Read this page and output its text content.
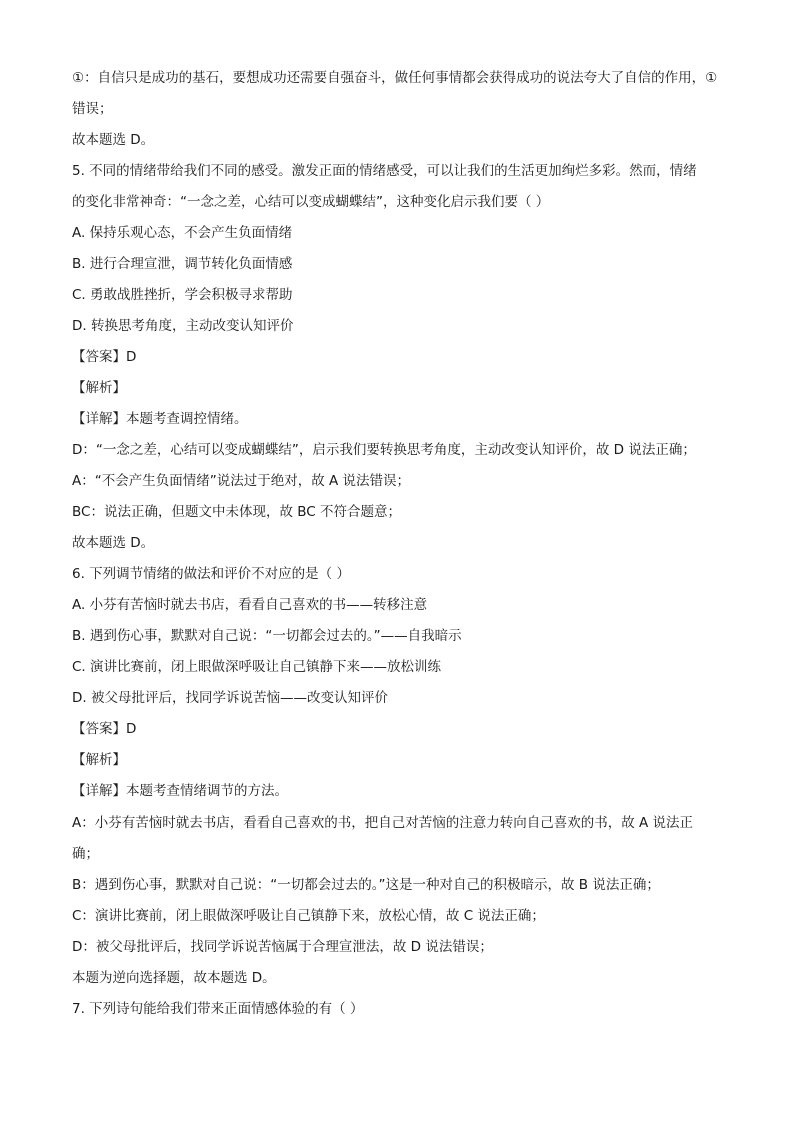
①：自信只是成功的基石，要想成功还需要自强奋斗，做任何事情都会获得成功的说法夸大了自信的作用，①
错误；
故本题选 D。
5. 不同的情绪带给我们不同的感受。激发正面的情绪感受，可以让我们的生活更加绚烂多彩。然而，情绪
的变化非常神奇：“一念之差，心结可以变成蝴蝶结”，这种变化启示我们要（ ）
A. 保持乐观心态，不会产生负面情绪
B. 进行合理宣泄，调节转化负面情感
C. 勇敢战胜挫折，学会积极寻求帮助
D. 转换思考角度，主动改变认知评价
【答案】D
【解析】
【详解】本题考查调控情绪。
D：“一念之差，心结可以变成蝴蝶结”，启示我们要转换思考角度，主动改变认知评价，故 D 说法正确；
A：“不会产生负面情绪”说法过于绝对，故 A 说法错误；
BC：说法正确，但题文中未体现，故 BC 不符合题意；
故本题选 D。
6. 下列调节情绪的做法和评价不对应的是（ ）
A. 小芬有苦恼时就去书店，看看自己喜欢的书——转移注意
B. 遇到伤心事，默默对自己说：“一切都会过去的。”——自我暗示
C. 演讲比赛前，闭上眼做深呼吸让自己镇静下来——放松训练
D. 被父母批评后，找同学诉说苦恼——改变认知评价
【答案】D
【解析】
【详解】本题考查情绪调节的方法。
A：小芬有苦恼时就去书店，看看自己喜欢的书，把自己对苦恼的注意力转向自己喜欢的书，故 A 说法正
确；
B：遇到伤心事，默默对自己说：“一切都会过去的。”这是一种对自己的积极暗示，故 B 说法正确；
C：演讲比赛前，闭上眼做深呼吸让自己镇静下来，放松心情，故 C 说法正确；
D：被父母批评后，找同学诉说苦恼属于合理宣泄法，故 D 说法错误；
本题为逆向选择题，故本题选 D。
7. 下列诗句能给我们带来正面情感体验的有（ ）
